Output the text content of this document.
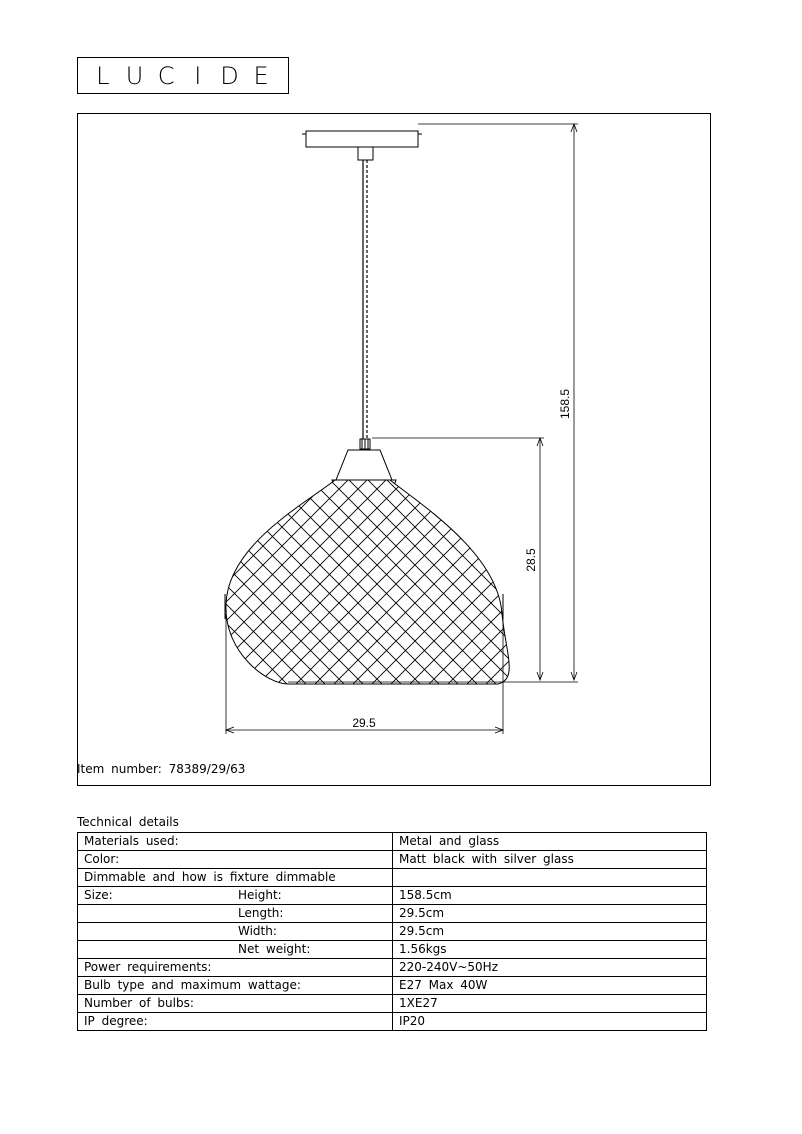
L U C I D E
158.5
28.5
29.5
Item number: 78389/29/63
Technical details
Materials used:	Metal and glass
Color:	Matt black with silver glass
Dimmable and how is fixture dimmable	
Size: Height:	158.5cm

Length:	29.5cm

Width:	29.5cm

Net weight:	1.56kgs
Power requirements:	220-240V~50Hz
Bulb type and maximum wattage:	E27 Max 40W
Number of bulbs:	1XE27
IP degree:	IP20
